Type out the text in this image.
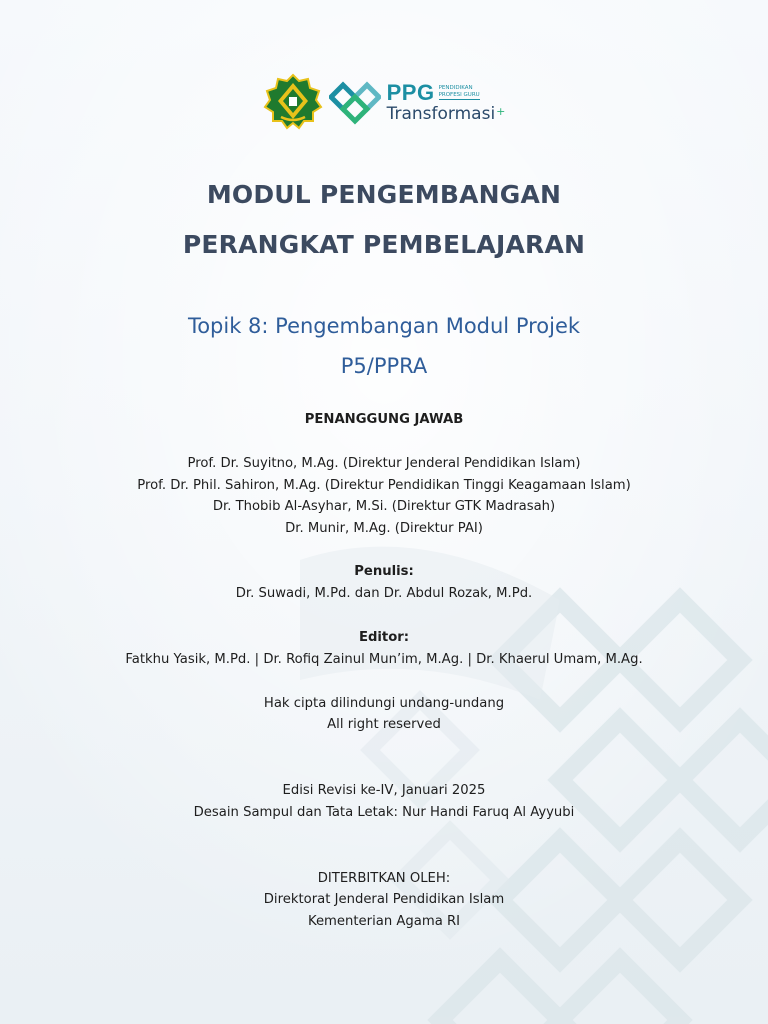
PPG PENDIDIKAN
PROFESI GURU
Transformasi+
MODUL PENGEMBANGAN
PERANGKAT PEMBELAJARAN
Topik 8: Pengembangan Modul Projek
P5/PPRA
PENANGGUNG JAWAB
Prof. Dr. Suyitno, M.Ag. (Direktur Jenderal Pendidikan Islam)
Prof. Dr. Phil. Sahiron, M.Ag. (Direktur Pendidikan Tinggi Keagamaan Islam)
Dr. Thobib Al-Asyhar, M.Si. (Direktur GTK Madrasah)
Dr. Munir, M.Ag. (Direktur PAI)
Penulis:
Dr. Suwadi, M.Pd. dan Dr. Abdul Rozak, M.Pd.
Editor:
Fatkhu Yasik, M.Pd. | Dr. Rofiq Zainul Mun’im, M.Ag. | Dr. Khaerul Umam, M.Ag.
Hak cipta dilindungi undang-undang
All right reserved
Edisi Revisi ke-IV, Januari 2025
Desain Sampul dan Tata Letak: Nur Handi Faruq Al Ayyubi
DITERBITKAN OLEH:
Direktorat Jenderal Pendidikan Islam
Kementerian Agama RI
